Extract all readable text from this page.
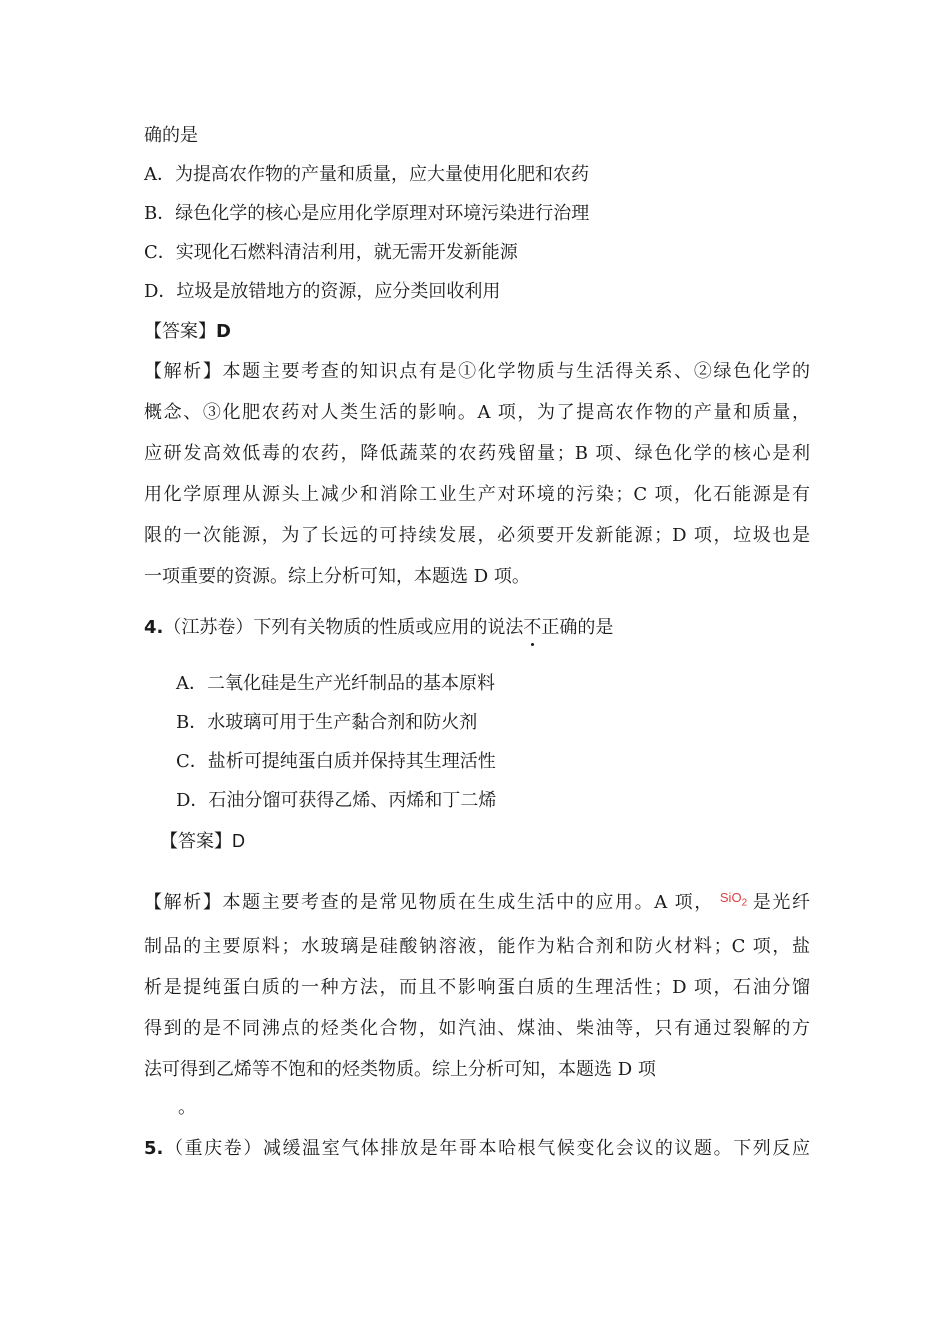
确的是
A．为提高农作物的产量和质量，应大量使用化肥和农药
B．绿色化学的核心是应用化学原理对环境污染进行治理
C．实现化石燃料清洁利用，就无需开发新能源
D．垃圾是放错地方的资源，应分类回收利用
【答案】D
【解析】本题主要考查的知识点有是①化学物质与生活得关系、②绿色化学的
概念、③化肥农药对人类生活的影响。A 项，为了提高农作物的产量和质量，
应研发高效低毒的农药，降低蔬菜的农药残留量；B 项、绿色化学的核心是利
用化学原理从源头上减少和消除工业生产对环境的污染；C 项，化石能源是有
限的一次能源，为了长远的可持续发展，必须要开发新能源；D 项，垃圾也是
一项重要的资源。综上分析可知，本题选 D 项。
4.（江苏卷）下列有关物质的性质或应用的说法不正确的是
A．二氧化硅是生产光纤制品的基本原料
B．水玻璃可用于生产黏合剂和防火剂
C．盐析可提纯蛋白质并保持其生理活性
D．石油分馏可获得乙烯、丙烯和丁二烯
【答案】D
【解析】本题主要考查的是常见物质在生成生活中的应用。A 项， SiO$_2$ 是光纤
制品的主要原料；水玻璃是硅酸钠溶液，能作为粘合剂和防火材料；C 项，盐
析是提纯蛋白质的一种方法，而且不影响蛋白质的生理活性；D 项，石油分馏
得到的是不同沸点的烃类化合物，如汽油、煤油、柴油等，只有通过裂解的方
法可得到乙烯等不饱和的烃类物质。综上分析可知，本题选 D 项
。
5.（重庆卷）减缓温室气体排放是年哥本哈根气候变化会议的议题。下列反应
